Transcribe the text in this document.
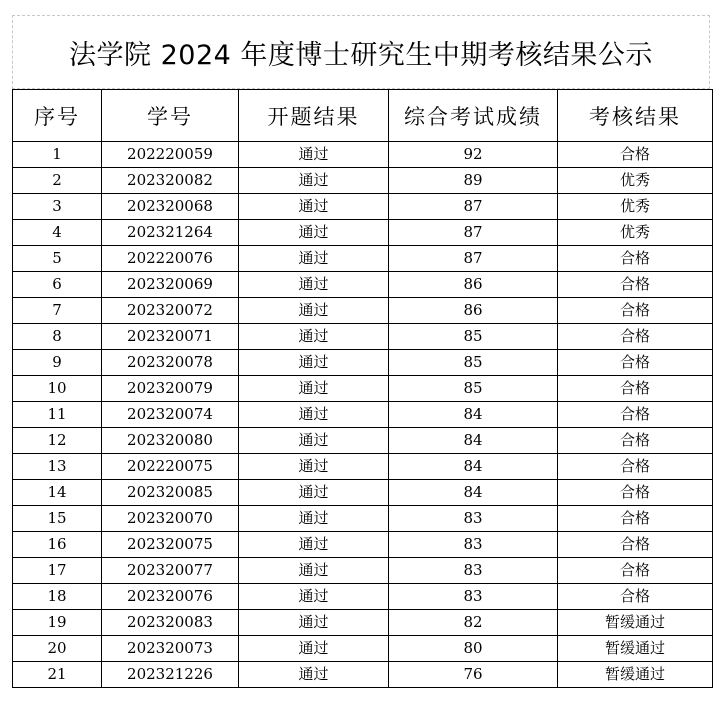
法学院 2024 年度博士研究生中期考核结果公示
序号	学号	开题结果	综合考试成绩	考核结果
1	202220059	通过	92	合格
2	202320082	通过	89	优秀
3	202320068	通过	87	优秀
4	202321264	通过	87	优秀
5	202220076	通过	87	合格
6	202320069	通过	86	合格
7	202320072	通过	86	合格
8	202320071	通过	85	合格
9	202320078	通过	85	合格
10	202320079	通过	85	合格
11	202320074	通过	84	合格
12	202320080	通过	84	合格
13	202220075	通过	84	合格
14	202320085	通过	84	合格
15	202320070	通过	83	合格
16	202320075	通过	83	合格
17	202320077	通过	83	合格
18	202320076	通过	83	合格
19	202320083	通过	82	暂缓通过
20	202320073	通过	80	暂缓通过
21	202321226	通过	76	暂缓通过
